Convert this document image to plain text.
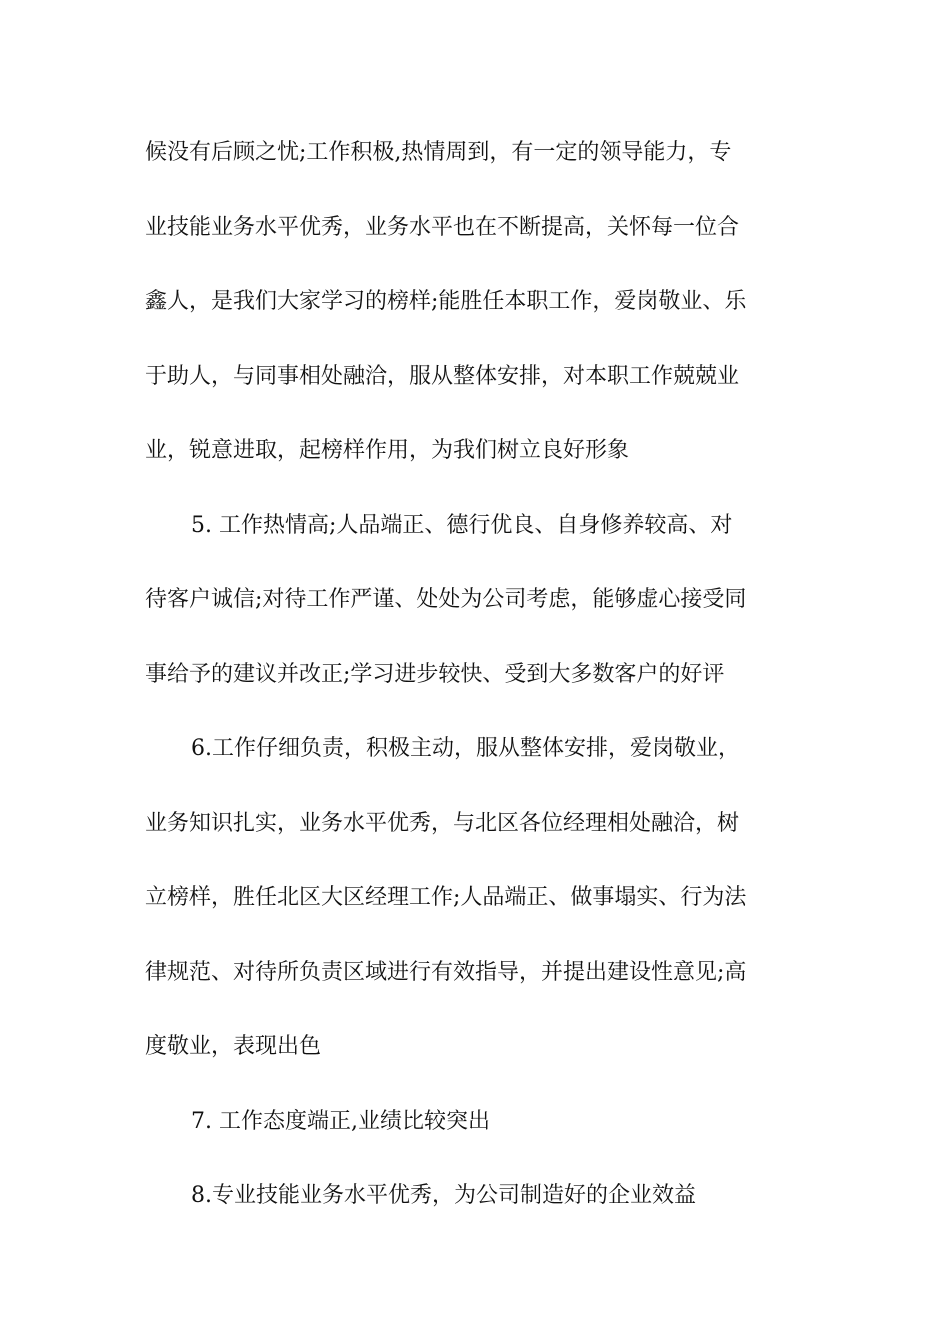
候没有后顾之忧;工作积极,热情周到，有一定的领导能力，专
业技能业务水平优秀，业务水平也在不断提高，关怀每一位合
鑫人，是我们大家学习的榜样;能胜任本职工作，爱岗敬业、乐
于助人，与同事相处融洽，服从整体安排，对本职工作兢兢业
业，锐意进取，起榜样作用，为我们树立良好形象
5. 工作热情高;人品端正、德行优良、自身修养较高、对
待客户诚信;对待工作严谨、处处为公司考虑，能够虚心接受同
事给予的建议并改正;学习进步较快、受到大多数客户的好评
6.工作仔细负责，积极主动，服从整体安排，爱岗敬业，
业务知识扎实，业务水平优秀，与北区各位经理相处融洽，树
立榜样，胜任北区大区经理工作;人品端正、做事塌实、行为法
律规范、对待所负责区域进行有效指导，并提出建设性意见;高
度敬业，表现出色
7. 工作态度端正,业绩比较突出
8.专业技能业务水平优秀，为公司制造好的企业效益
